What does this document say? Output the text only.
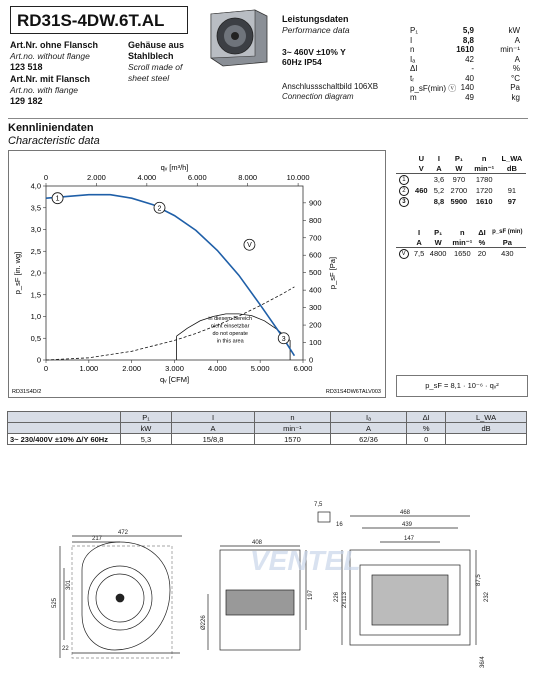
RD31S-4DW.6T.AL
Art.Nr. ohne Flansch
Art.no. without flange
123 518
Art.Nr. mit Flansch
Art.no. with flange
129 182
Gehäuse aus
Stahlblech
Scroll made of
sheet steel
Leistungsdaten
Performance data
3~ 460V ±10% Y
60Hz IP54
Anschlussschaltbild 106XB
Connection diagram
P₁	5,9	kW
I	8,8	A
n	1610	min⁻¹
Iₐ	42	A
ΔI	-	%
tᵣ	40	°C
p_sF(min) ⓥ 140	Pa
m	49	kg
Kennliniendaten
Characteristic data
0
0,5
1,0
1,5
2,0
2,5
3,0
3,5
4,0
0
100
200
300
400
500
600
700
800
900
0	1.000	2.000	3.000	4.000	5.000	6.000
0	2.000	4.000	6.000	8.000	10.000
1
2
3
V
in diesem Bereich
nicht einsetzbar
do not operate
in this area
qᵥ [m³/h]
qᵥ [CFM]
p_sF [in. wg]	p_sF [Pa]
RD31S4D/2	RD31S4DW6TALV003
	U	I	P₁	n	L_WA
	V	A	W	min⁻¹	dB
1		3,6	970	1780	
2	460	5,2	2700	1720	91
3		8,8	5900	1610	97
	I	P₁	n	ΔI	p_sF (min)
	A	W	min⁻¹	%	Pa
V	7,5	4800	1650	20	430
p_sF = 8,1 · 10⁻⁶ · qᵥ²
	P₁	I	n	Iₐ	ΔI	L_WA
	kW	A	min⁻¹	A	%	dB
3~ 230/400V ±10% Δ/Y 60Hz	5,3	15/8,8	1570	62/36	0	
VENTEL
472
217
301
525
22
408
Ø226
197
468
439
147
226 2x113
87,5
232
7,5
16
36/4
